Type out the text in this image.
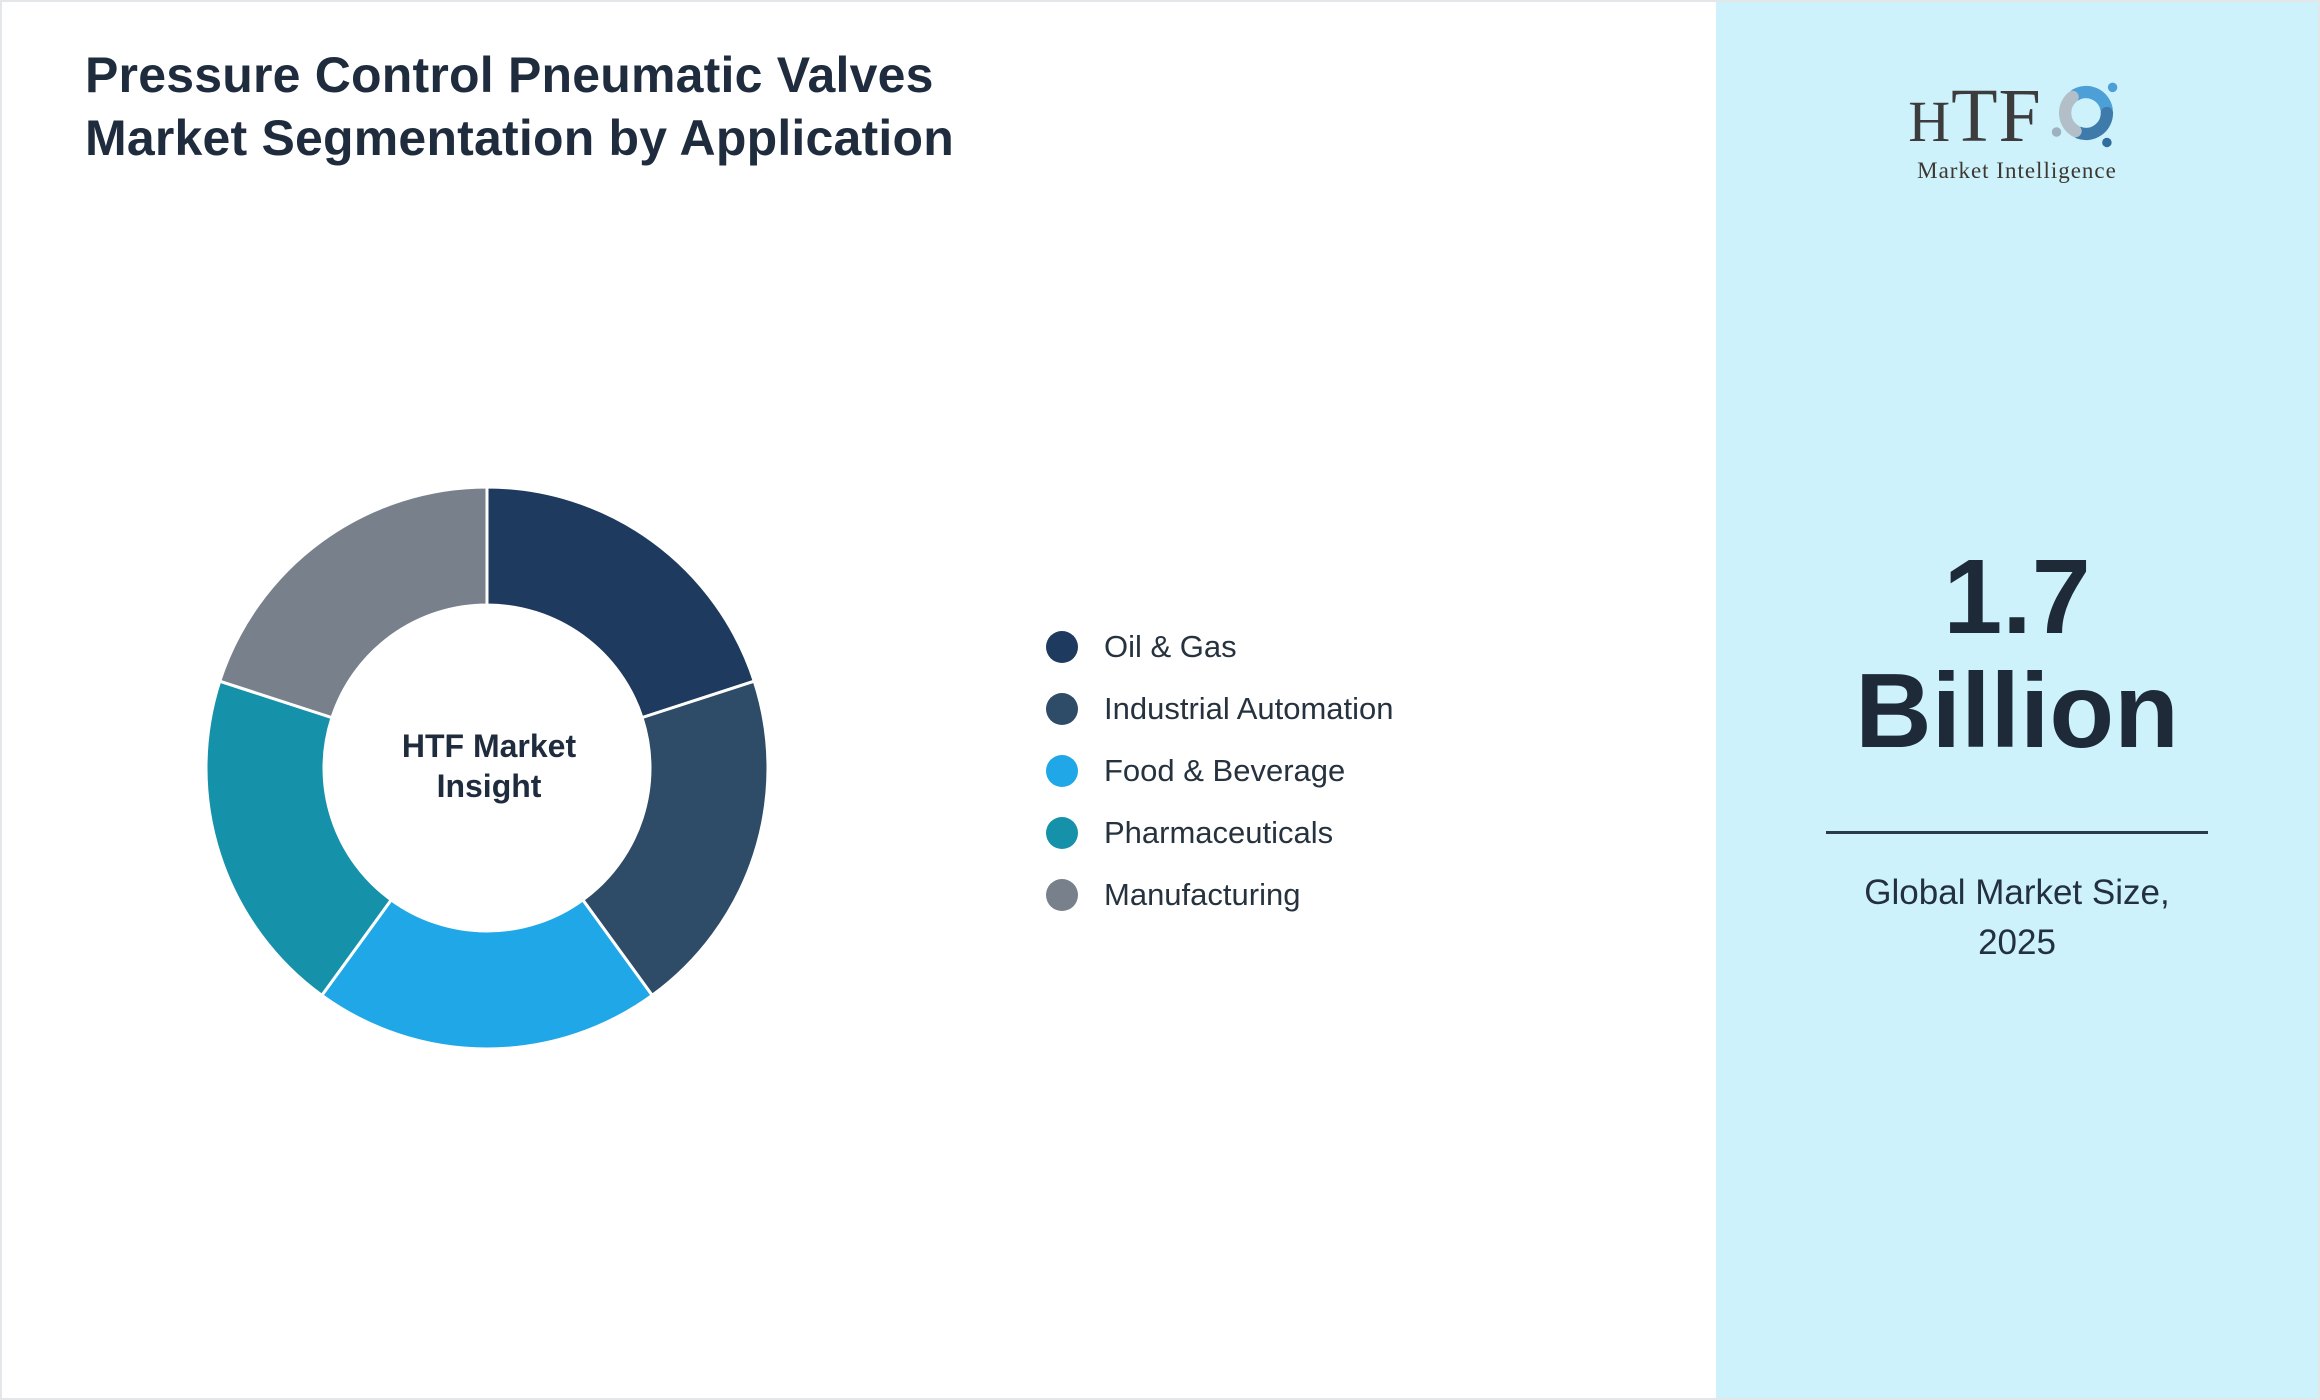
Pressure Control Pneumatic Valves Market Segmentation by Application
HTF Market Insight
Oil & Gas
Industrial Automation
Food & Beverage
Pharmaceuticals
Manufacturing
H TF
Market Intelligence
1.7
Billion
Global Market Size,
2025
